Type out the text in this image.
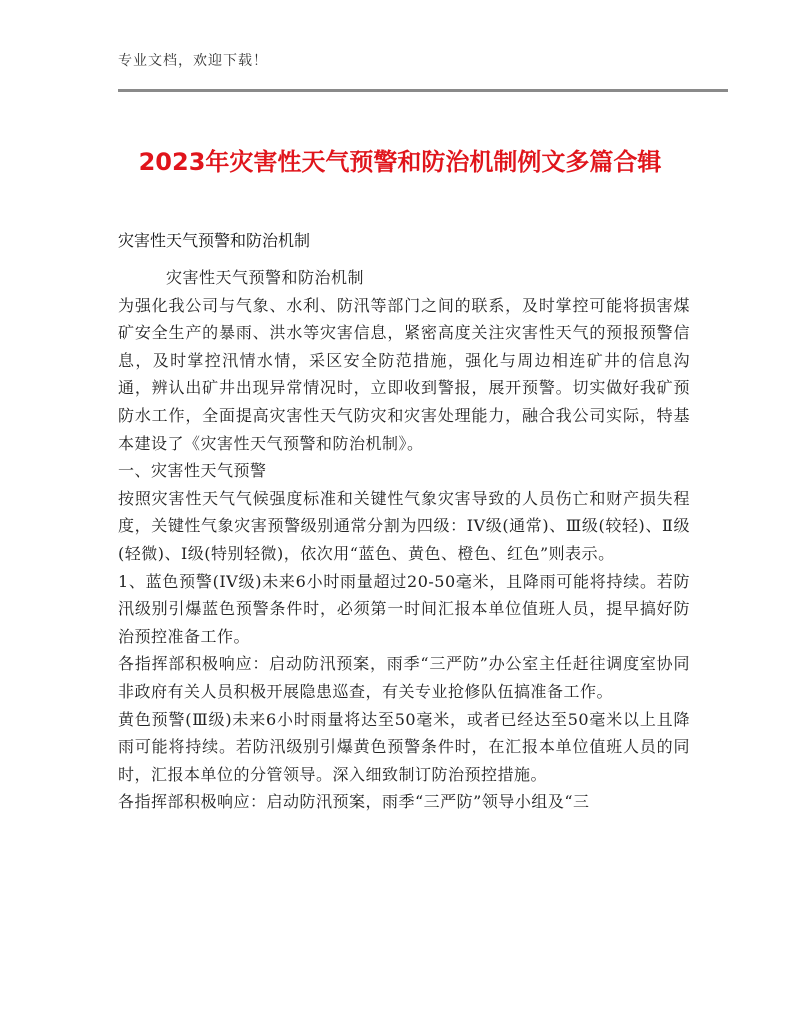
专业文档，欢迎下载！
2023年灾害性天气预警和防治机制例文多篇合辑
灾害性天气预警和防治机制

灾害性天气预警和防治机制

为强化我公司与气象、水利、防汛等部门之间的联系，及时掌控可能将损害煤矿安全生产的暴雨、洪水等灾害信息，紧密高度关注灾害性天气的预报预警信息，及时掌控汛情水情，采区安全防范措施，强化与周边相连矿井的信息沟通，辨认出矿井出现异常情况时，立即收到警报，展开预警。切实做好我矿预防水工作，全面提高灾害性天气防灾和灾害处理能力，融合我公司实际，特基本建设了《灾害性天气预警和防治机制》。

一、灾害性天气预警

按照灾害性天气气候强度标准和关键性气象灾害导致的人员伤亡和财产损失程度，关键性气象灾害预警级别通常分割为四级：IV级(通常)、Ⅲ级(较轻)、Ⅱ级(轻微)、I级(特别轻微)，依次用“蓝色、黄色、橙色、红色”则表示。

1、蓝色预警(IV级)未来6小时雨量超过20-50毫米，且降雨可能将持续。若防汛级别引爆蓝色预警条件时，必须第一时间汇报本单位值班人员，提早搞好防治预控准备工作。

各指挥部积极响应：启动防汛预案，雨季“三严防”办公室主任赶往调度室协同非政府有关人员积极开展隐患巡查，有关专业抢修队伍搞准备工作。

黄色预警(Ⅲ级)未来6小时雨量将达至50毫米，或者已经达至50毫米以上且降雨可能将持续。若防汛级别引爆黄色预警条件时，在汇报本单位值班人员的同时，汇报本单位的分管领导。深入细致制订防治预控措施。

各指挥部积极响应：启动防汛预案，雨季“三严防”领导小组及“三
